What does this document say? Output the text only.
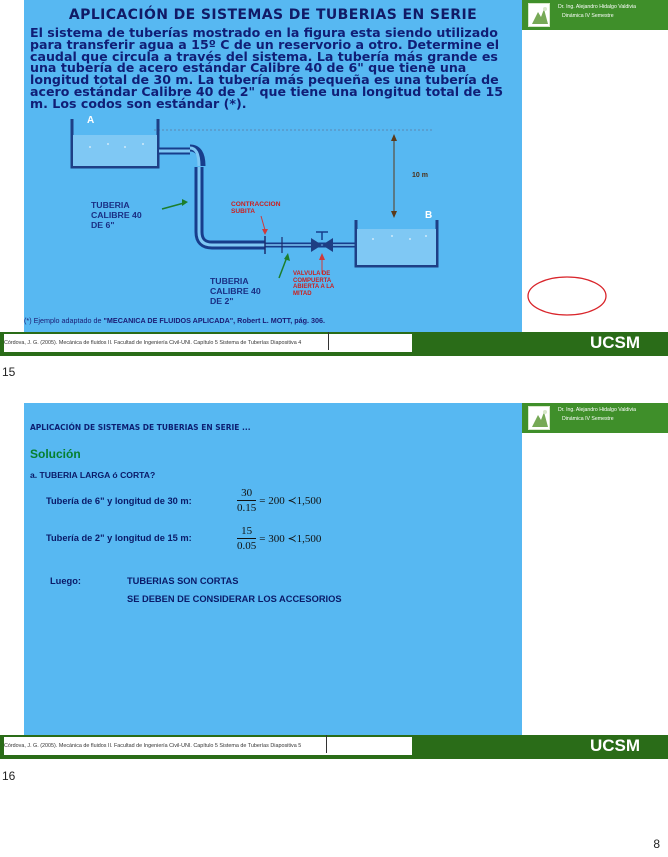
APLICACIÓN DE SISTEMAS DE TUBERIAS EN SERIE
El sistema de tuberías mostrado en la figura esta siendo utilizado para transferir agua a 15º C de un reservorio a otro. Determine el caudal que circula a través del sistema. La tubería más grande es una tubería de acero estándar Calibre 40 de 6" que tiene una longitud total de 30 m. La tubería más pequeña es una tubería de acero estándar Calibre 40 de 2" que tiene una longitud total de 15 m. Los codos son estándar (*).
A
B
10 m
TUBERIA
CALIBRE 40
DE 6"
CONTRACCION
SUBITA
TUBERIA
CALIBRE 40
DE 2"
VALVULA DE
COMPUERTA
ABIERTA A LA
MITAD
(*) Ejemplo adaptado de "MECANICA DE FLUIDOS APLICADA", Robert L. MOTT, pág. 306.
Dr. Ing. Alejandro Hidalgo Valdivia
Dinámica IV Semestre
Córdova, J. G. (2005). Mecánica de fluidos II. Facultad de Ingeniería Civil-UNI. Capítulo 5 Sistema de Tuberías Diapositiva 4	UCSM
15
APLICACIÓN DE SISTEMAS DE TUBERIAS EN SERIE ...
Solución
a. TUBERIA LARGA ó CORTA?
Tubería de 6" y longitud de 30 m:	$\frac{30}{0.15} = 200$ ≺1,500
Tubería de 2" y longitud de 15 m:	$\frac{15}{0.05} = 300$ ≺1,500
Luego:	TUBERIAS SON CORTAS
SE DEBEN DE CONSIDERAR LOS ACCESORIOS
Dr. Ing. Alejandro Hidalgo Valdivia
Dinámica IV Semestre
Córdova, J. G. (2005). Mecánica de fluidos II. Facultad de Ingeniería Civil-UNI. Capítulo 5 Sistema de Tuberías Diapositiva 5	UCSM
16
8
